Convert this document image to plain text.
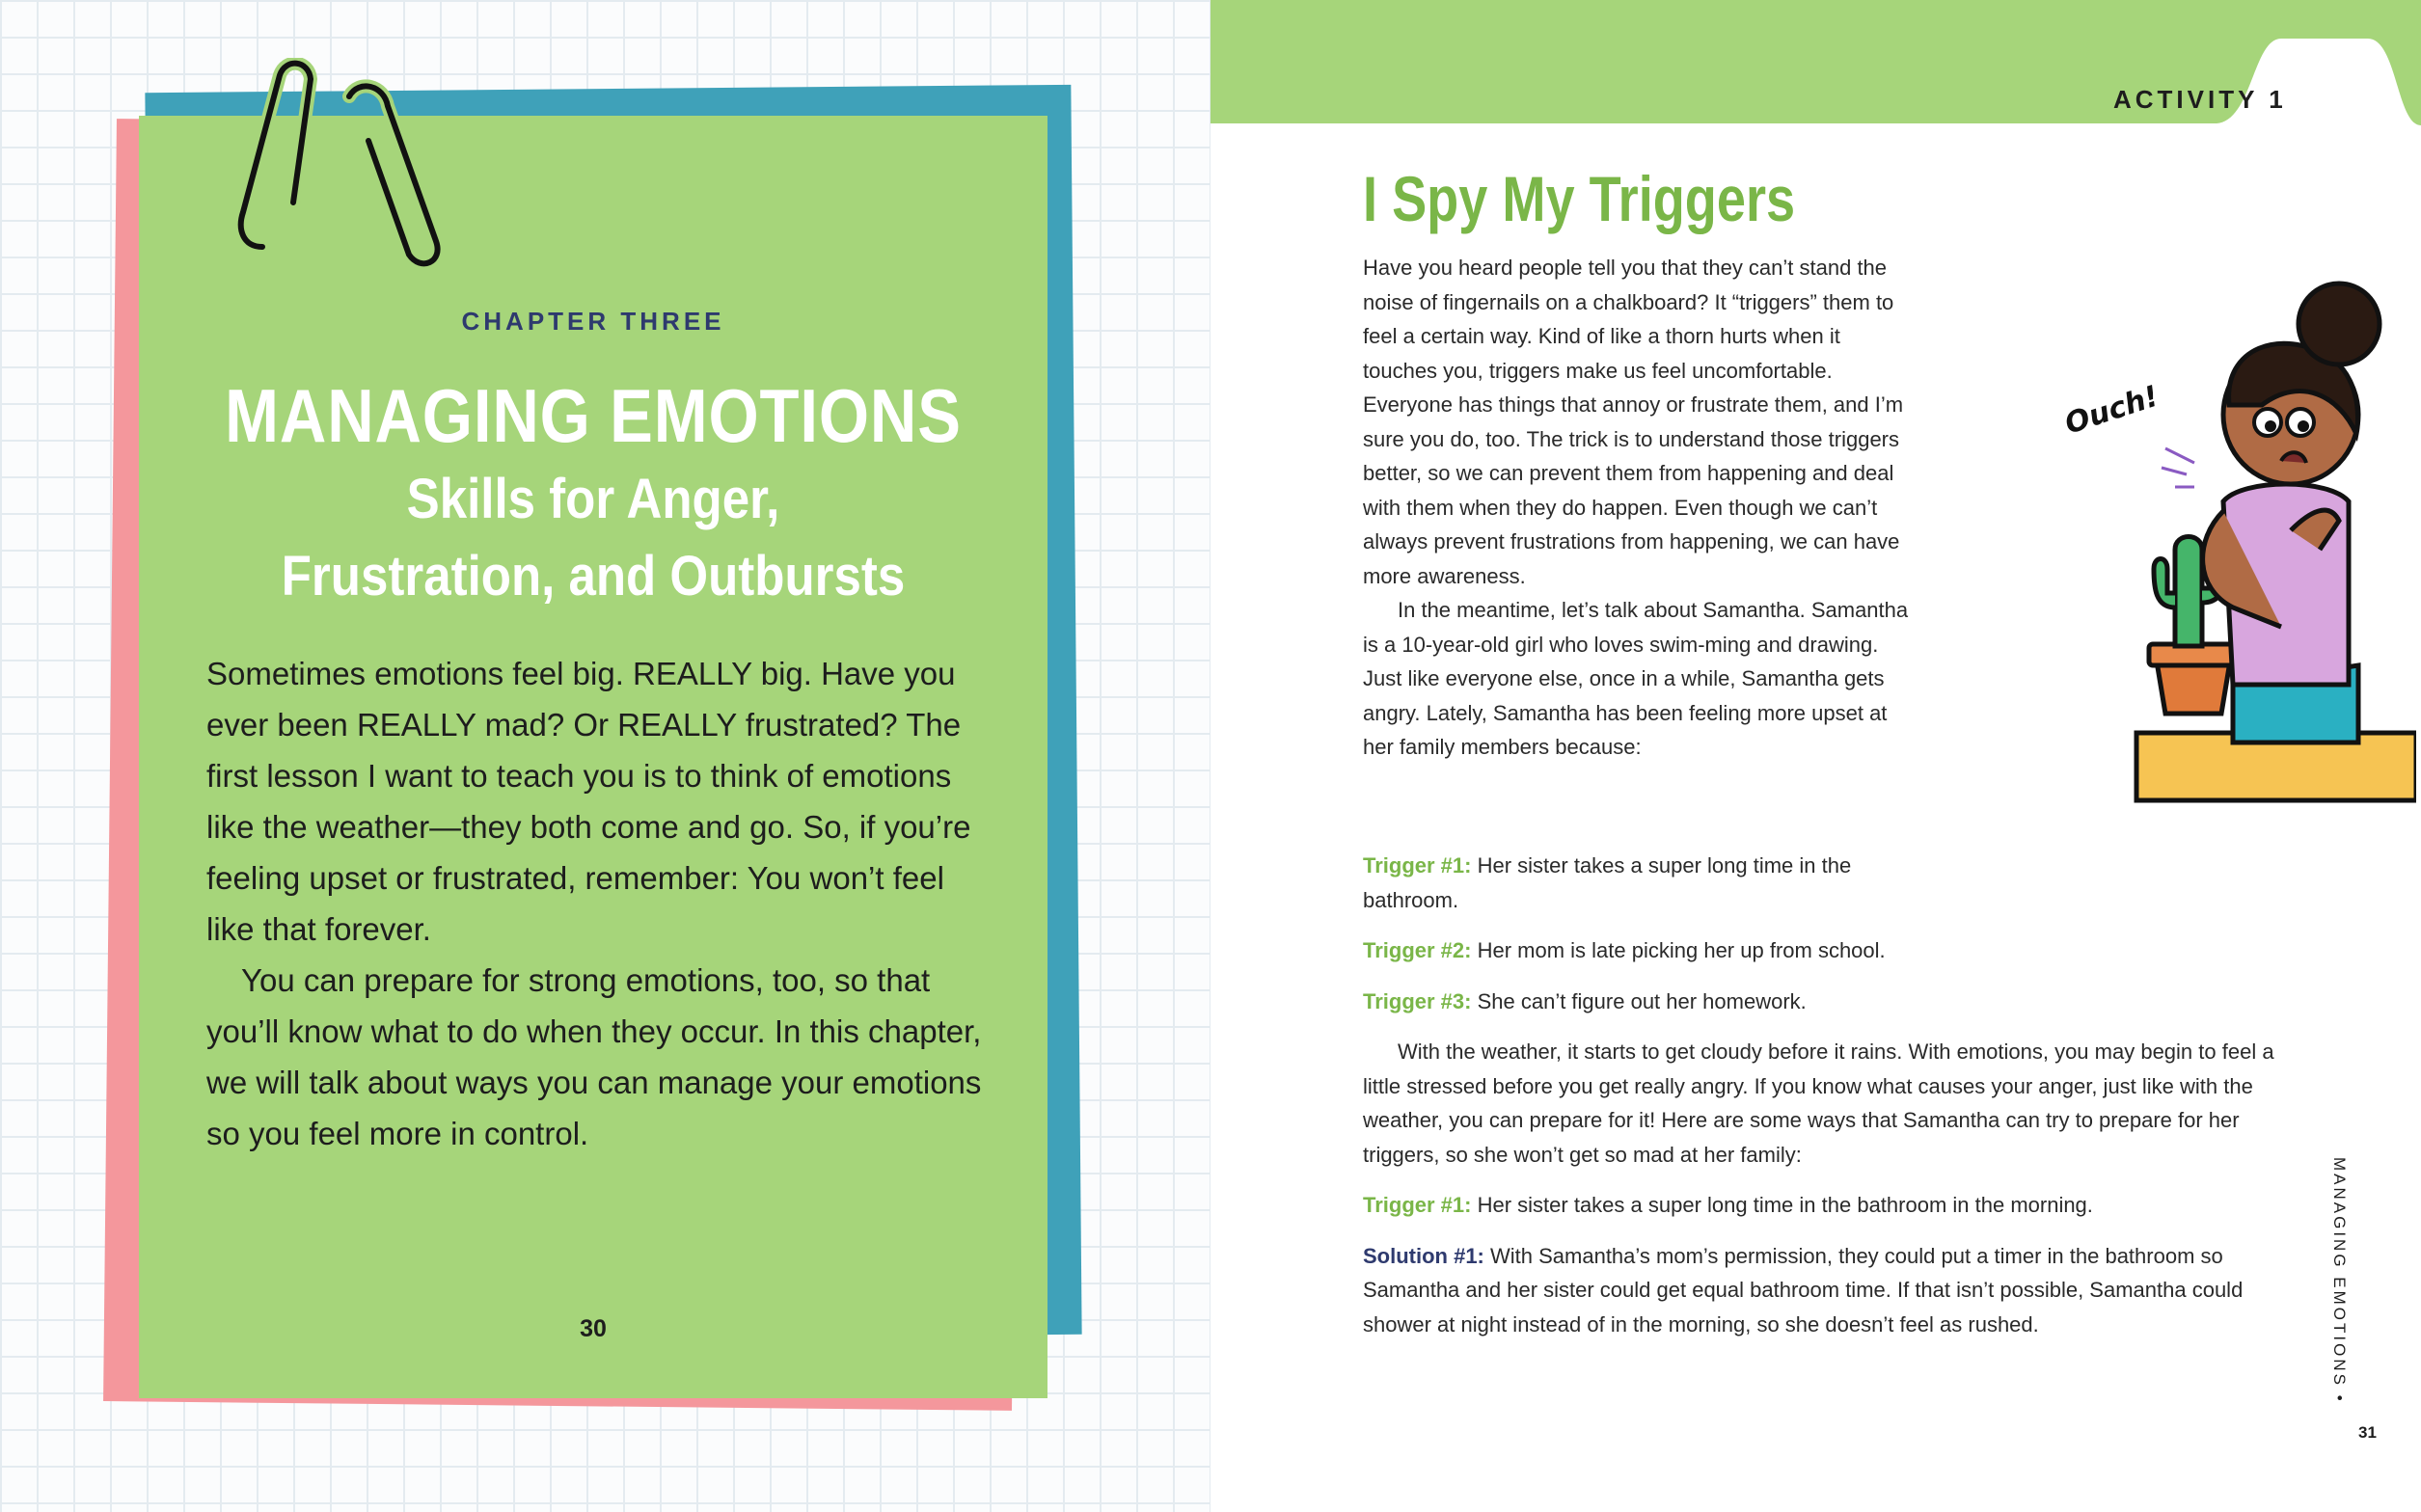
CHAPTER THREE
MANAGING EMOTIONS
Skills for Anger,
Frustration, and Outbursts

Sometimes emotions feel big. REALLY big. Have you ever been REALLY mad? Or REALLY frustrated? The first lesson I want to teach you is to think of emotions like the weather—they both come and go. So, if you’re feeling upset or frustrated, remember: You won’t feel like that forever.

You can prepare for strong emotions, too, so that you’ll know what to do when they occur. In this chapter, we will talk about ways you can manage your emotions so you feel more in control.

30
ACTIVITY 1
I Spy My Triggers

Have you heard people tell you that they can’t stand the noise of fingernails on a chalkboard? It “triggers” them to feel a certain way. Kind of like a thorn hurts when it touches you, triggers make us feel uncomfortable. Everyone has things that annoy or frustrate them, and I’m sure you do, too. The trick is to understand those triggers better, so we can prevent them from happening and deal with them when they do happen. Even though we can’t always prevent frustrations from happening, we can have more awareness.

In the meantime, let’s talk about Samantha. Samantha is a 10-year-old girl who loves swim-ming and drawing. Just like everyone else, once in a while, Samantha gets angry. Lately, Samantha has been feeling more upset at her family members because:

Ouch!

Trigger #1: Her sister takes a super long time in the bathroom.

Trigger #2: Her mom is late picking her up from school.

Trigger #3: She can’t figure out her homework.

With the weather, it starts to get cloudy before it rains. With emotions, you may begin to feel a little stressed before you get really angry. If you know what causes your anger, just like with the weather, you can prepare for it! Here are some ways that Samantha can try to prepare for her triggers, so she won’t get so mad at her family:

Trigger #1: Her sister takes a super long time in the bathroom in the morning.

Solution #1: With Samantha’s mom’s permission, they could put a timer in the bathroom so Samantha and her sister could get equal bathroom time. If that isn’t possible, Samantha could shower at night instead of in the morning, so she doesn’t feel as rushed.	MANAGING EMOTIONS •
31
